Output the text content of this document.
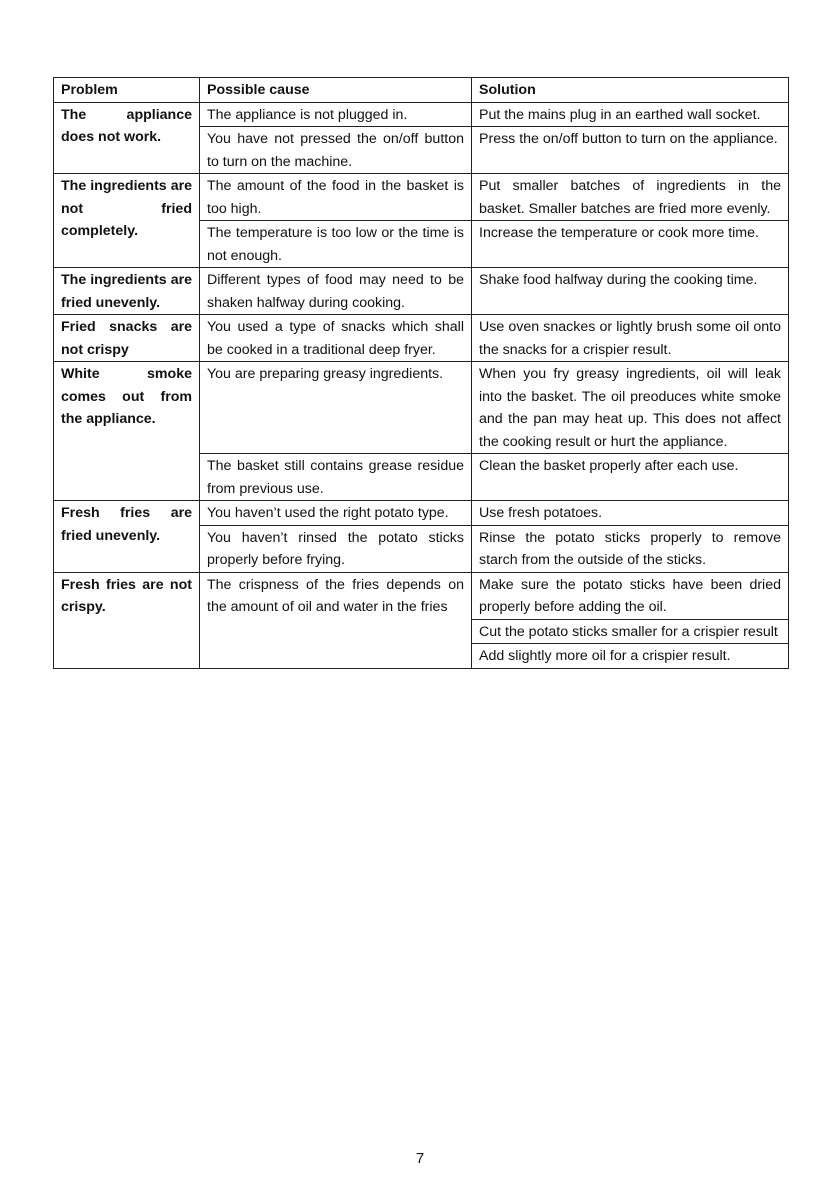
Problem	Possible cause	Solution
The appliance does not work.	The appliance is not plugged in.	Put the mains plug in an earthed wall socket.
	You have not pressed the on/off button to turn on the machine.	Press the on/off button to turn on the appliance.
The ingredients are not fried completely.	The amount of the food in the basket is too high.	Put smaller batches of ingredients in the basket. Smaller batches are fried more evenly.
	The temperature is too low or the time is not enough.	Increase the temperature or cook more time.
The ingredients are fried unevenly.	Different types of food may need to be shaken halfway during cooking.	Shake food halfway during the cooking time.
Fried snacks are not crispy	You used a type of snacks which shall be cooked in a traditional deep fryer.	Use oven snackes or lightly brush some oil onto the snacks for a crispier result.
White smoke comes out from the appliance.	You are preparing greasy ingredients.	When you fry greasy ingredients, oil will leak into the basket. The oil preoduces white smoke and the pan may heat up. This does not affect the cooking result or hurt the appliance.
	The basket still contains grease residue from previous use.	Clean the basket properly after each use.
Fresh fries are fried unevenly.	You haven’t used the right potato type.	Use fresh potatoes.
	You haven’t rinsed the potato sticks properly before frying.	Rinse the potato sticks properly to remove starch from the outside of the sticks.
Fresh fries are not crispy.	The crispness of the fries depends on the amount of oil and water in the fries	Make sure the potato sticks have been dried properly before adding the oil.
		Cut the potato sticks smaller for a crispier result
		Add slightly more oil for a crispier result.
7
